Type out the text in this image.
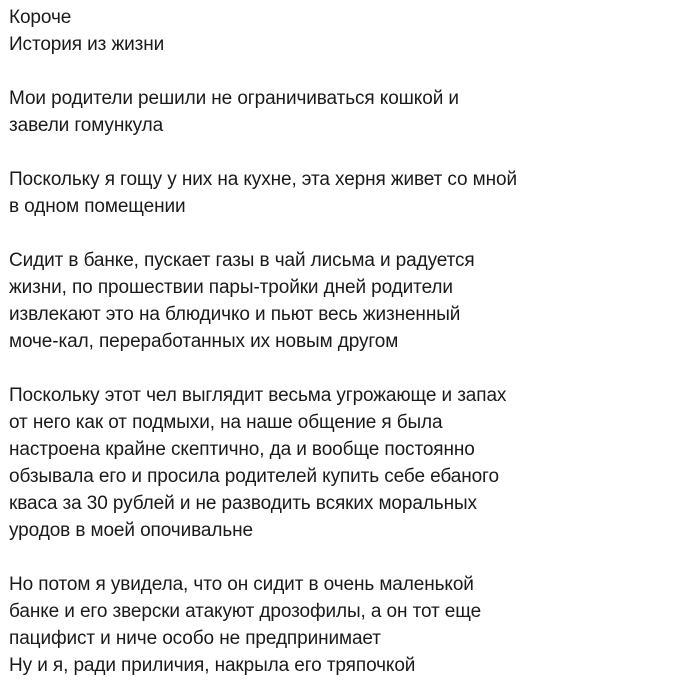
Короче
История из жизни
Мои родители решили не ограничиваться кошкой и
завели гомункула
Поскольку я гощу у них на кухне, эта херня живет со мной
в одном помещении
Сидит в банке, пускает газы в чай лисьма и радуется
жизни, по прошествии пары-тройки дней родители
извлекают это на блюдичко и пьют весь жизненный
моче-кал, переработанных их новым другом
Поскольку этот чел выглядит весьма угрожающе и запах
от него как от подмыхи, на наше общение я была
настроена крайне скептично, да и вообще постоянно
обзывала его и просила родителей купить себе ебаного
кваса за 30 рублей и не разводить всяких моральных
уродов в моей опочивальне
Но потом я увидела, что он сидит в очень маленькой
банке и его зверски атакуют дрозофилы, а он тот еще
пацифист и ниче особо не предпринимает
Ну и я, ради приличия, накрыла его тряпочкой
